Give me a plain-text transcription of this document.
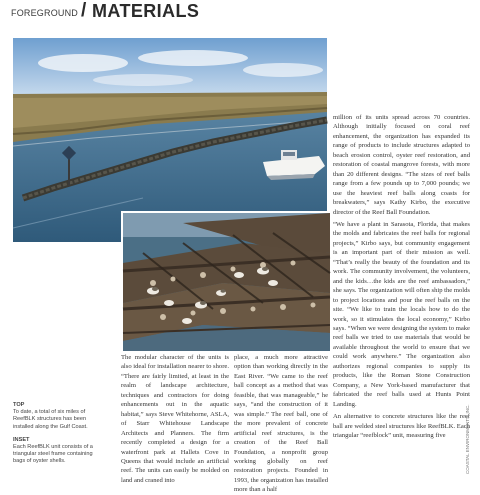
FOREGROUND / MATERIALS

million of its units spread across 70 countries. Although initially focused on coral reef enhancement, the organization has expanded its range of products to include structures adapted to beach erosion control, oyster reef restoration, and restoration of coastal mangrove forests, with more than 20 different designs. “The sizes of reef balls range from a few pounds up to 7,000 pounds; we use the heaviest reef balls along coasts for breakwaters,” says Kathy Kirbo, the executive director of the Reef Ball Foundation.

“We have a plant in Sarasota, Florida, that makes the molds and fabricates the reef balls for regional projects,” Kirbo says, but community engagement is an important part of their mission as well. “That’s really the beauty of the foundation and its work. The community involvement, the volunteers, and the kids…the kids are the reef ambassadors,” she says. The organization will often ship the molds to project locations and pour the reef balls on the site. “We like to train the locals how to do the work, so it stimulates the local economy,” Kirbo says. “When we were designing the system to make reef balls we tried to use materials that would be available throughout the world to ensure that we could work anywhere.” The organization also authorizes regional companies to supply its products, like the Roman Stone Construction Company, a New York-based manufacturer that fabricated the reef balls used at Hunts Point Landing.

An alternative to concrete structures like the reef ball are welded steel structures like ReefBLK. Each triangular “reefblock” unit, measuring five

The modular character of the units is also ideal for installation nearer to shore. “There are fairly limited, at least in the realm of landscape architecture, techniques and contractors for doing enhancements out in the aquatic habitat,” says Steve Whitehorne, ASLA, of Starr Whitehouse Landscape Architects and Planners. The firm recently completed a design for a waterfront park at Hallets Cove in Queens that would include an artificial reef. The units can easily be molded on land and craned into

place, a much more attractive option than working directly in the East River. “We came to the reef ball concept as a method that was feasible, that was manageable,” he says, “and the construction of it was simple.” The reef ball, one of the more prevalent of concrete artificial reef structures, is the creation of the Reef Ball Foundation, a nonprofit group working globally on reef restoration projects. Founded in 1993, the organization has installed more than a half

TOP
To date, a total of six miles of ReefBLK structures has been installed along the Gulf Coast.
INSET
Each ReefBLK unit consists of a triangular steel frame containing bags of oyster shells.	COASTAL ENVIRONMENTS, INC.
